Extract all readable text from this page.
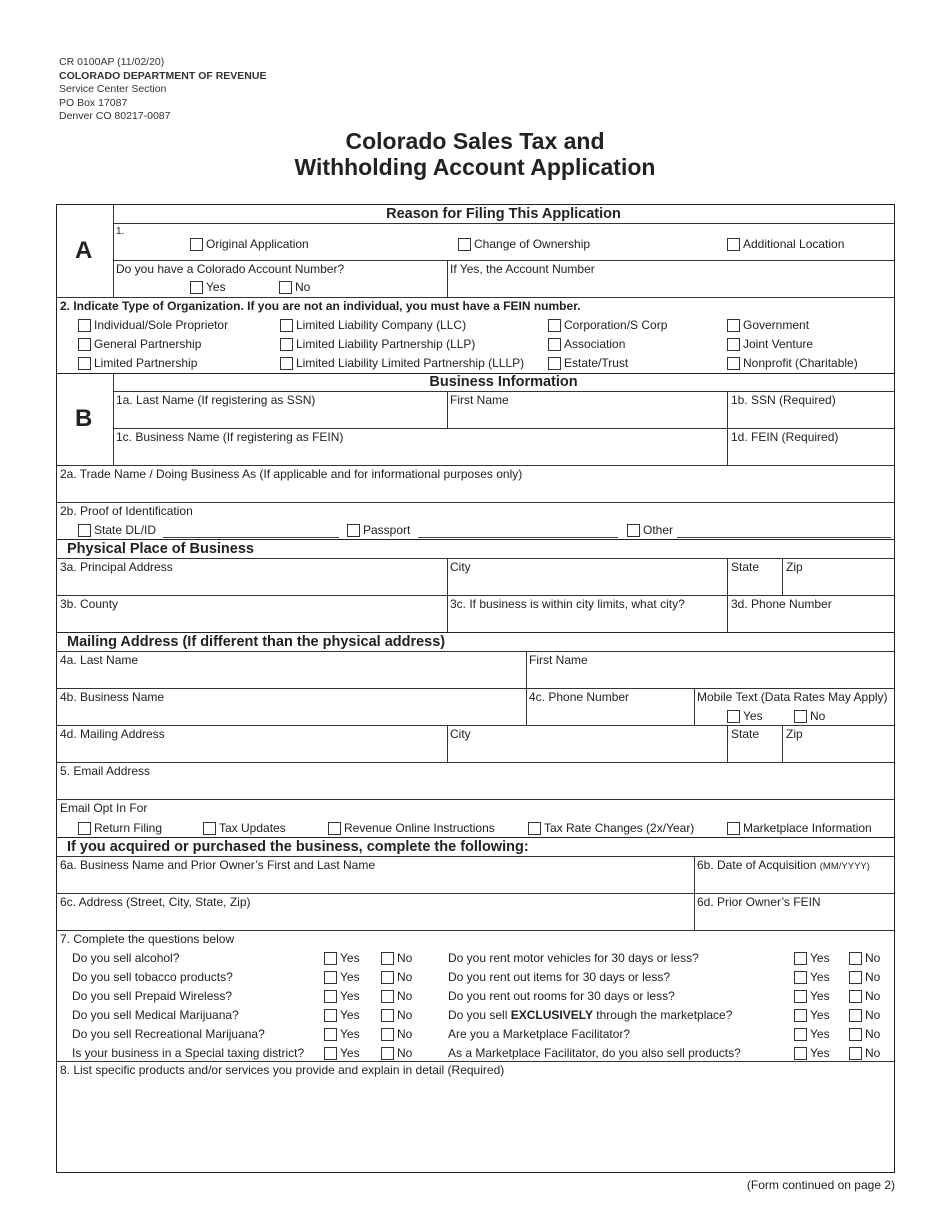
CR 0100AP (11/02/20)
COLORADO DEPARTMENT OF REVENUE
Service Center Section
PO Box 17087
Denver CO 80217-0087
Colorado Sales Tax and
Withholding Account Application
A
Reason for Filing This Application
1.
Original Application	Change of Ownership	Additional Location
Do you have a Colorado Account Number?
Yes	No
If Yes, the Account Number
2. Indicate Type of Organization. If you are not an individual, you must have a FEIN number.
Individual/Sole Proprietor	Limited Liability Company (LLC)	Corporation/S Corp	Government
General Partnership	Limited Liability Partnership (LLP)	Association	Joint Venture
Limited Partnership	Limited Liability Limited Partnership (LLLP)	Estate/Trust	Nonprofit (Charitable)
B
Business Information
1a. Last Name (If registering as SSN)	First Name	1b. SSN (Required)
1c. Business Name (If registering as FEIN)	1d. FEIN (Required)
2a. Trade Name / Doing Business As (If applicable and for informational purposes only)
2b. Proof of Identification
State DL/ID	Passport	Other
Physical Place of Business
3a. Principal Address	City	State Zip
3b. County	3c. If business is within city limits, what city?	3d. Phone Number
Mailing Address (If different than the physical address)
4a. Last Name	First Name
4b. Business Name	4c. Phone Number	Mobile Text (Data Rates May Apply)
Yes	No
4d. Mailing Address	City	State Zip
5. Email Address
Email Opt In For
Return Filing	Tax Updates	Revenue Online Instructions	Tax Rate Changes (2x/Year)	Marketplace Information
If you acquired or purchased the business, complete the following:
6a. Business Name and Prior Owner’s First and Last Name	6b. Date of Acquisition (MM/YYYY)
6c. Address (Street, City, State, Zip)	6d. Prior Owner’s FEIN
7. Complete the questions below
Do you sell alcohol?	Yes	No
Do you sell tobacco products?	Yes	No
Do you sell Prepaid Wireless?	Yes	No
Do you sell Medical Marijuana?	Yes	No
Do you sell Recreational Marijuana?	Yes	No
Is your business in a Special taxing district?	Yes	No
Do you rent motor vehicles for 30 days or less?	Yes	No
Do you rent out items for 30 days or less?	Yes	No
Do you rent out rooms for 30 days or less?	Yes	No
Do you sell EXCLUSIVELY through the marketplace?	Yes	No
Are you a Marketplace Facilitator?	Yes	No
As a Marketplace Facilitator, do you also sell products?	Yes	No
8. List specific products and/or services you provide and explain in detail (Required)
(Form continued on page 2)
